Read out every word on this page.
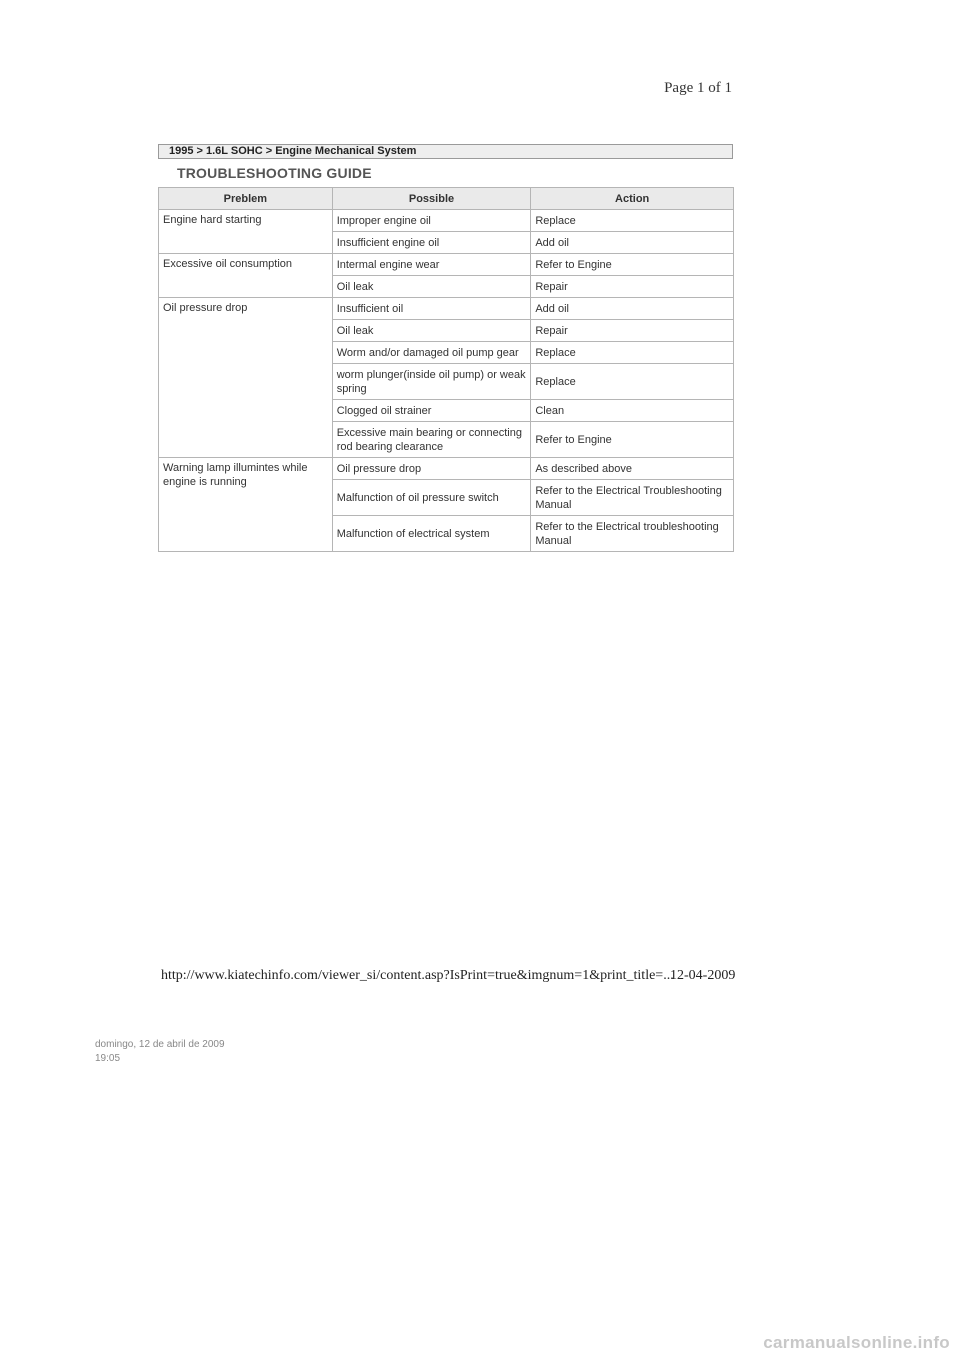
Page 1 of 1
1995 > 1.6L SOHC > Engine Mechanical System
TROUBLESHOOTING GUIDE
Preblem	Possible	Action
Engine hard starting	Improper engine oil	Replace
	Insufficient engine oil	Add oil
Excessive oil consumption	Intermal engine wear	Refer to Engine
	Oil leak	Repair
Oil pressure drop	Insufficient oil	Add oil
	Oil leak	Repair
	Worm and/or damaged oil pump gear	Replace
	worm plunger(inside oil pump) or weak spring	Replace
	Clogged oil strainer	Clean
	Excessive main bearing or connecting rod bearing clearance	Refer to Engine
Warning lamp illumintes while engine is running	Oil pressure drop	As described above
	Malfunction of oil pressure switch	Refer to the Electrical Troubleshooting Manual
	Malfunction of electrical system	Refer to the Electrical troubleshooting Manual
http://www.kiatechinfo.com/viewer_si/content.asp?IsPrint=true&imgnum=1&print_title=...
12-04-2009
domingo, 12 de abril de 2009
19:05
carmanualsonline.info
